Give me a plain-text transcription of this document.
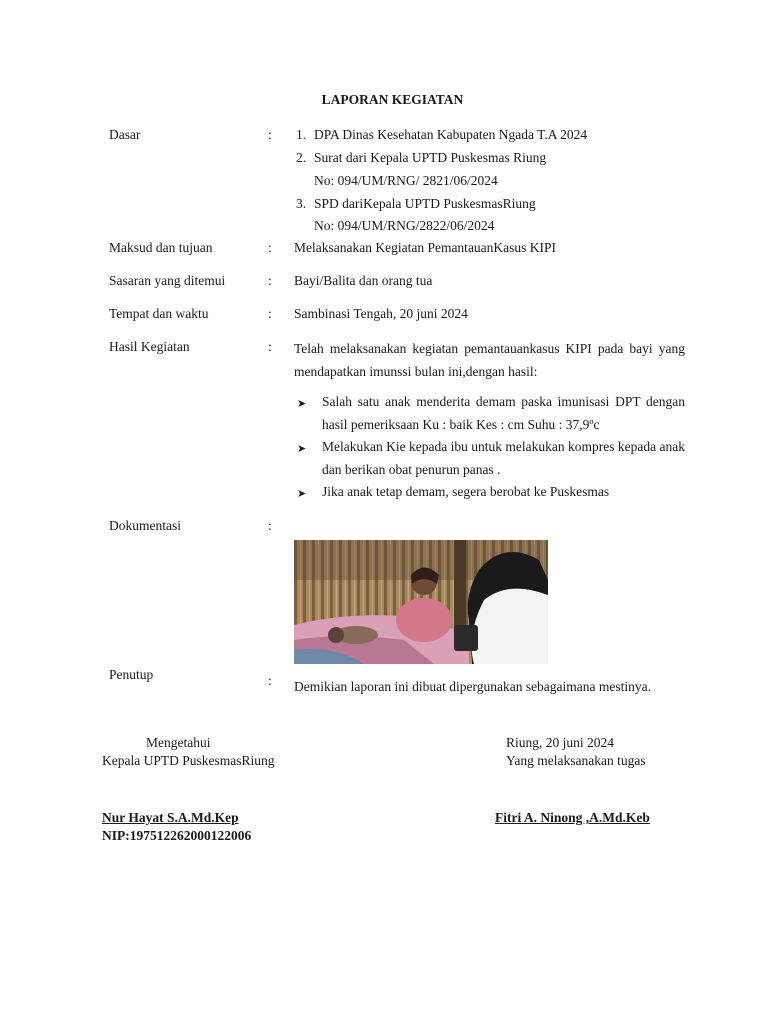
LAPORAN KEGIATAN
Dasar	: 1. DPA Dinas Kesehatan Kabupaten Ngada T.A 2024
2. Surat dari Kepala UPTD Puskesmas Riung
No: 094/UM/RNG/ 2821/06/2024
3. SPD dariKepala UPTD PuskesmasRiung
No: 094/UM/RNG/2822/06/2024
Maksud dan tujuan	: Melaksanakan Kegiatan PemantauanKasus KIPI
Sasaran yang ditemui	: Bayi/Balita dan orang tua
Tempat dan waktu	: Sambinasi Tengah, 20 juni 2024
Hasil Kegiatan	: Telah melaksanakan kegiatan pemantauankasus KIPI pada bayi yang mendapatkan imunssi bulan ini,dengan hasil:
➤ Salah satu anak menderita demam paska imunisasi DPT dengan hasil pemeriksaan Ku : baik Kes : cm Suhu : 37,9ºc
➤ Melakukan Kie kepada ibu untuk melakukan kompres kepada anak dan berikan obat penurun panas .
➤ Jika anak tetap demam, segera berobat ke Puskesmas
Dokumentasi	:
Penutup	: Demikian laporan ini dibuat dipergunakan sebagaimana mestinya.
Mengetahui
Kepala UPTD PuskesmasRiung
Nur Hayat S.A.Md.Kep
NIP:197512262000122006
Riung, 20 juni 2024
Yang melaksanakan tugas
Fitri A. Ninong ,A.Md.Keb
